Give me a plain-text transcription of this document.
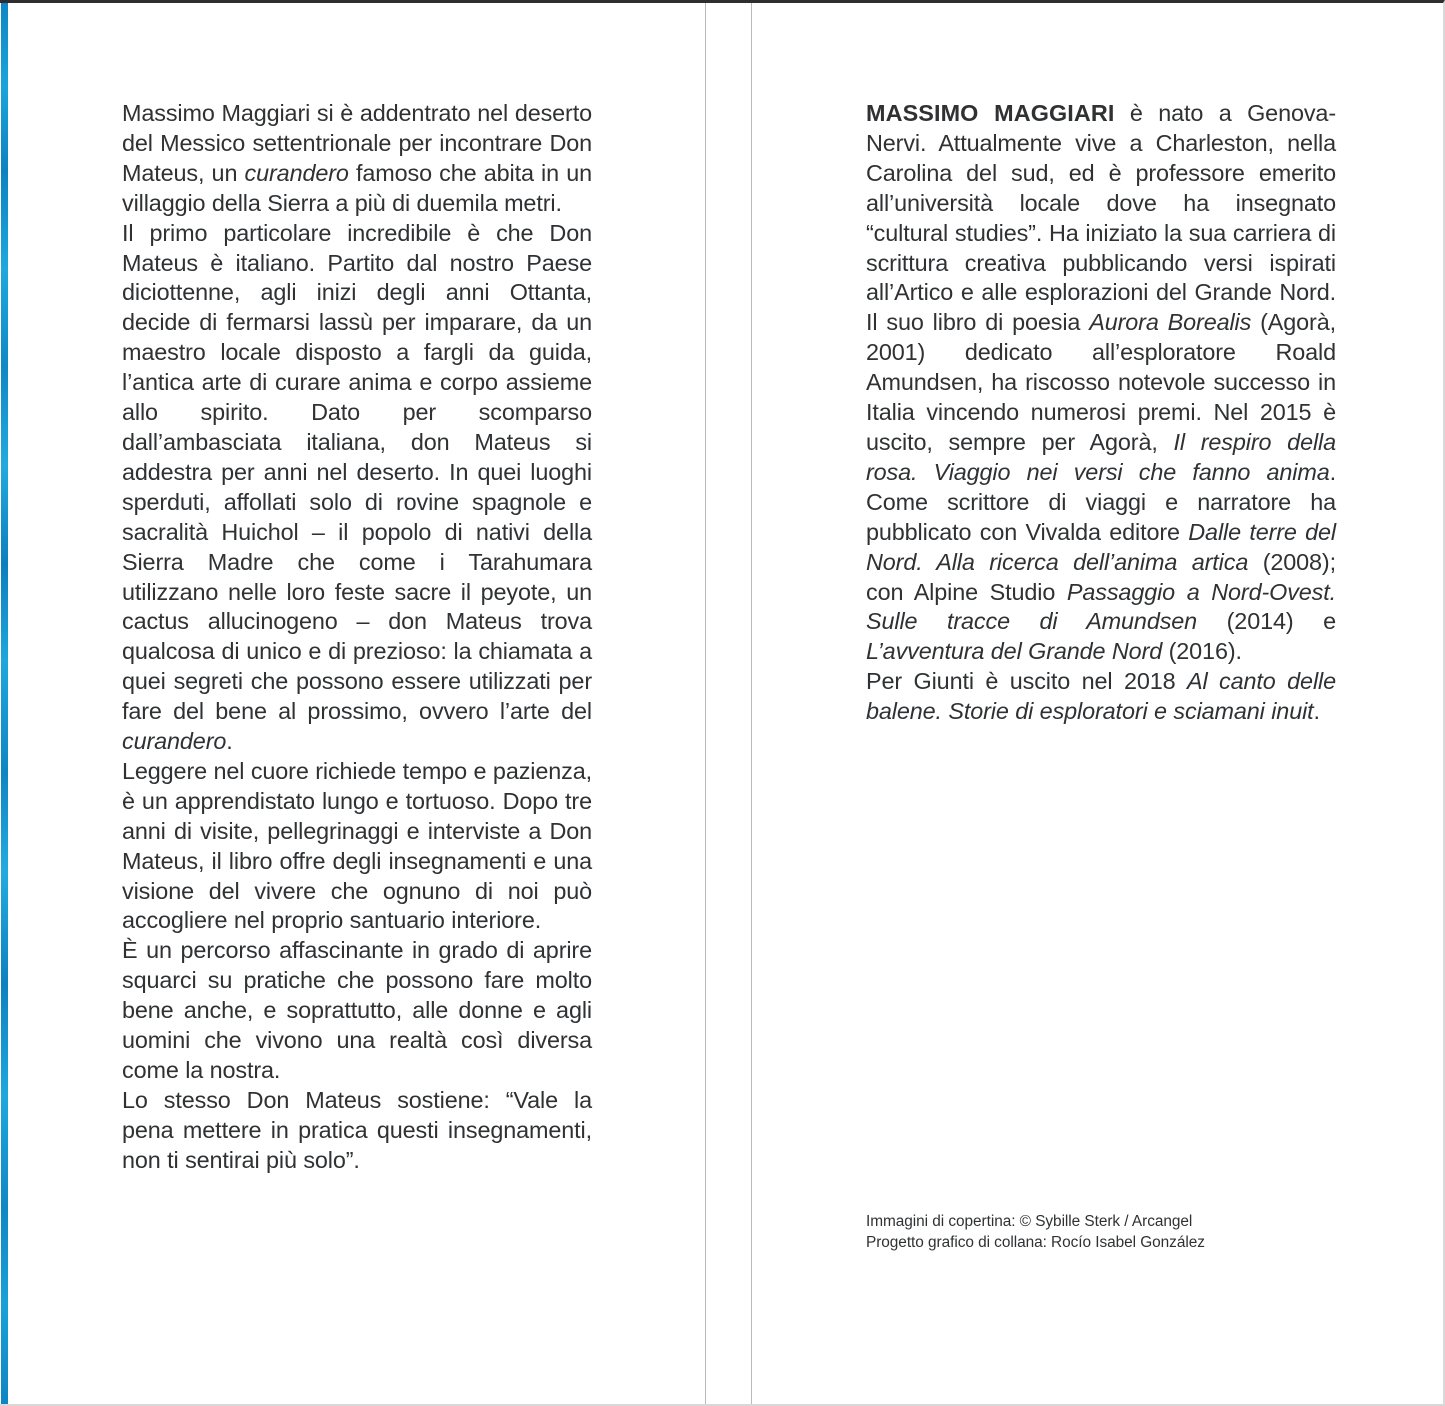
Massimo Maggiari si è addentrato nel deserto del Messico settentrionale per incontrare Don Mateus, un curandero famoso che abita in un villaggio della Sierra a più di duemila metri.

Il primo particolare incredibile è che Don Mateus è italiano. Partito dal nostro Paese diciottenne, agli inizi degli anni Ottanta, decide di fermarsi lassù per imparare, da un maestro locale disposto a fargli da guida, l’antica arte di curare anima e corpo assieme allo spirito. Dato per scomparso dall’ambasciata italiana, don Mateus si addestra per anni nel deserto. In quei luoghi sperduti, affollati solo di rovine spagnole e sacralità Huichol – il popolo di nativi della Sierra Madre che come i Tarahumara utilizzano nelle loro feste sacre il peyote, un cactus allucinogeno – don Mateus trova qualcosa di unico e di prezioso: la chiamata a quei segreti che possono essere utilizzati per fare del bene al prossimo, ovvero l’arte del curandero.

Leggere nel cuore richiede tempo e pazienza, è un apprendistato lungo e tortuoso. Dopo tre anni di visite, pellegrinaggi e interviste a Don Mateus, il libro offre degli insegnamenti e una visione del vivere che ognuno di noi può accogliere nel proprio santuario interiore.

È un percorso affascinante in grado di aprire squarci su pratiche che possono fare molto bene anche, e soprattutto, alle donne e agli uomini che vivono una realtà così diversa come la nostra.

Lo stesso Don Mateus sostiene: “Vale la pena mettere in pratica questi insegnamenti, non ti sentirai più solo”.

MASSIMO MAGGIARI è nato a Genova-Nervi. Attualmente vive a Charleston, nella Carolina del sud, ed è professore emerito all’università locale dove ha insegnato “cultural studies”. Ha iniziato la sua carriera di scrittura creativa pubblicando versi ispirati all’Artico e alle esplorazioni del Grande Nord. Il suo libro di poesia Aurora Borealis (Agorà, 2001) dedicato all’esploratore Roald Amundsen, ha riscosso notevole successo in Italia vincendo numerosi premi. Nel 2015 è uscito, sempre per Agorà, Il respiro della rosa. Viaggio nei versi che fanno anima. Come scrittore di viaggi e narratore ha pubblicato con Vivalda editore Dalle terre del Nord. Alla ricerca dell’anima artica (2008); con Alpine Studio Passaggio a Nord-Ovest. Sulle tracce di Amundsen (2014) e L’avventura del Grande Nord (2016).

Per Giunti è uscito nel 2018 Al canto delle balene. Storie di esploratori e sciamani inuit.

Immagini di copertina: © Sybille Sterk / Arcangel
Progetto grafico di collana: Rocío Isabel González
